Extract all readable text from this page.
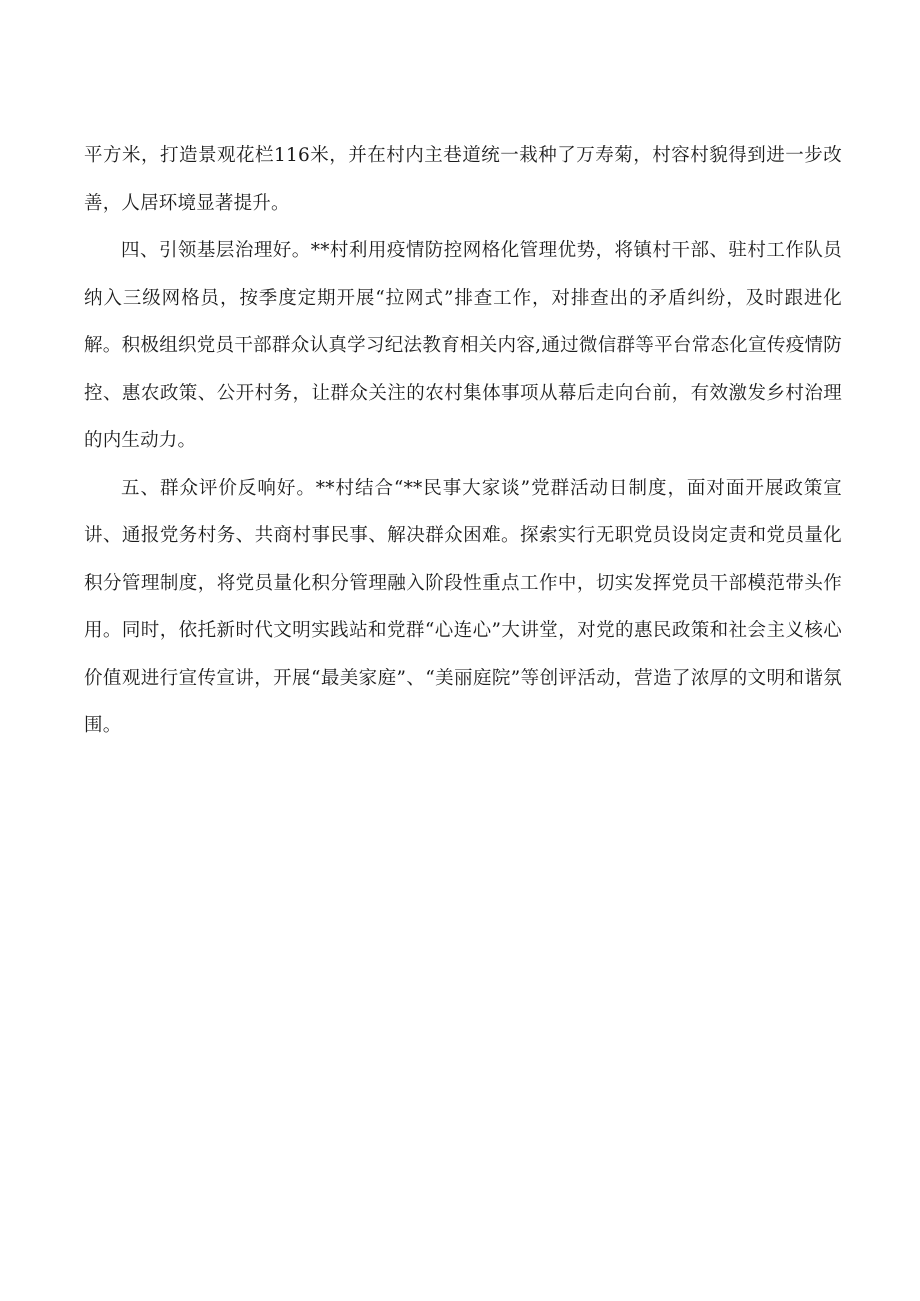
平方米，打造景观花栏116米，并在村内主巷道统一栽种了万寿菊，村容村貌得到进一步改善，人居环境显著提升。

四、引领基层治理好。**村利用疫情防控网格化管理优势，将镇村干部、驻村工作队员纳入三级网格员，按季度定期开展“拉网式”排查工作，对排查出的矛盾纠纷，及时跟进化解。积极组织党员干部群众认真学习纪法教育相关内容,通过微信群等平台常态化宣传疫情防控、惠农政策、公开村务，让群众关注的农村集体事项从幕后走向台前，有效激发乡村治理的内生动力。

五、群众评价反响好。**村结合“**民事大家谈”党群活动日制度，面对面开展政策宣讲、通报党务村务、共商村事民事、解决群众困难。探索实行无职党员设岗定责和党员量化积分管理制度，将党员量化积分管理融入阶段性重点工作中，切实发挥党员干部模范带头作用。同时，依托新时代文明实践站和党群“心连心”大讲堂，对党的惠民政策和社会主义核心价值观进行宣传宣讲，开展“最美家庭”、“美丽庭院”等创评活动，营造了浓厚的文明和谐氛围。
